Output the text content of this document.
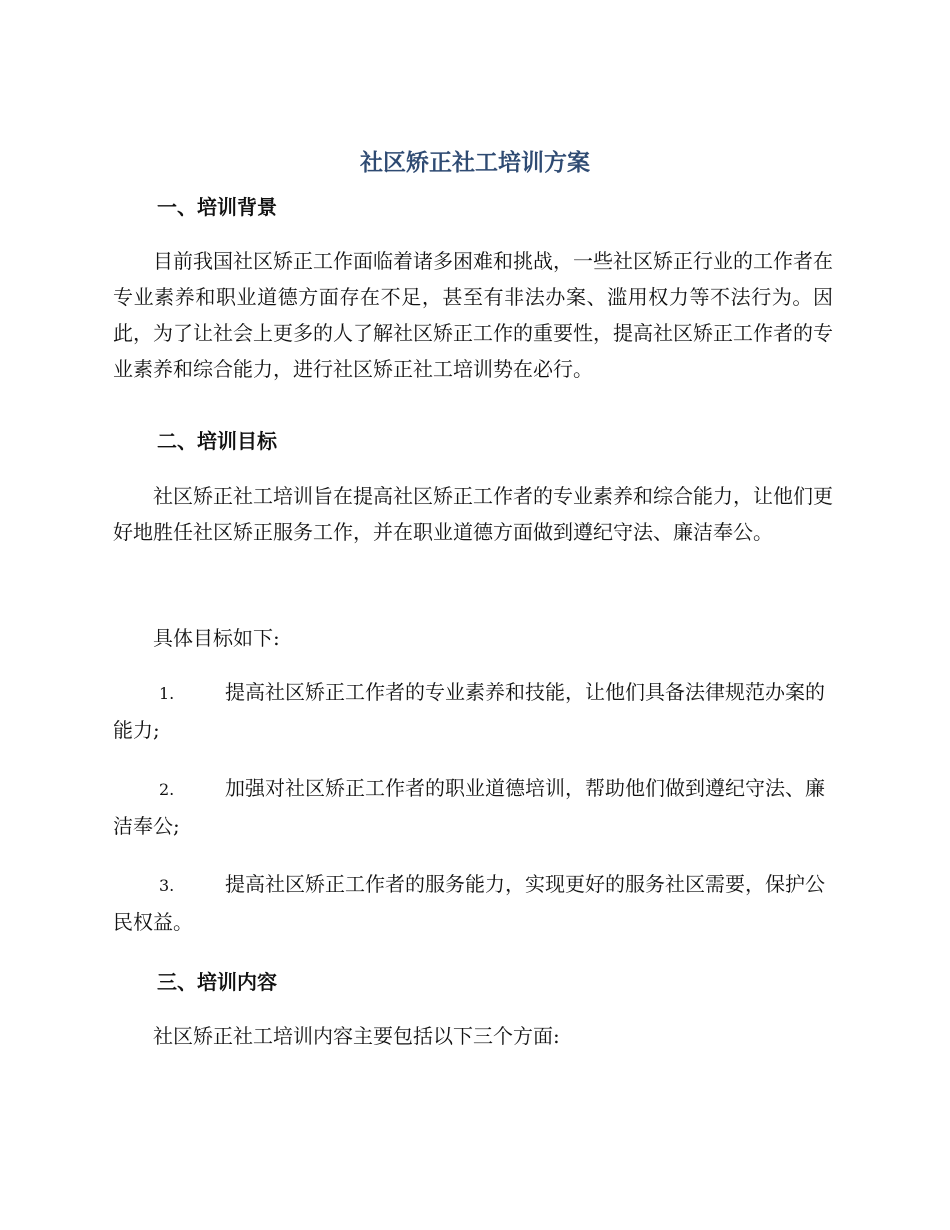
社区矫正社工培训方案
一、培训背景

目前我国社区矫正工作面临着诸多困难和挑战，一些社区矫正行业的工作者在专业素养和职业道德方面存在不足，甚至有非法办案、滥用权力等不法行为。因此，为了让社会上更多的人了解社区矫正工作的重要性，提高社区矫正工作者的专业素养和综合能力，进行社区矫正社工培训势在必行。

二、培训目标

社区矫正社工培训旨在提高社区矫正工作者的专业素养和综合能力，让他们更好地胜任社区矫正服务工作，并在职业道德方面做到遵纪守法、廉洁奉公。

具体目标如下:

1.	提高社区矫正工作者的专业素养和技能，让他们具备法律规范办案的能力;
2.	加强对社区矫正工作者的职业道德培训，帮助他们做到遵纪守法、廉洁奉公;
3.	提高社区矫正工作者的服务能力，实现更好的服务社区需要，保护公民权益。
三、培训内容

社区矫正社工培训内容主要包括以下三个方面:
